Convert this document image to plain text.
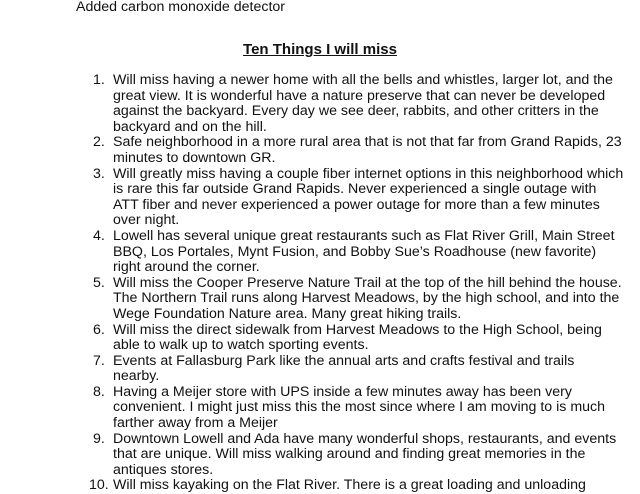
Added carbon monoxide detector
Ten Things I will miss
1. Will miss having a newer home with all the bells and whistles, larger lot, and the
great view. It is wonderful have a nature preserve that can never be developed
against the backyard. Every day we see deer, rabbits, and other critters in the
backyard and on the hill.
2. Safe neighborhood in a more rural area that is not that far from Grand Rapids, 23
minutes to downtown GR.
3. Will greatly miss having a couple fiber internet options in this neighborhood which
is rare this far outside Grand Rapids. Never experienced a single outage with
ATT fiber and never experienced a power outage for more than a few minutes
over night.
4. Lowell has several unique great restaurants such as Flat River Grill, Main Street
BBQ, Los Portales, Mynt Fusion, and Bobby Sue’s Roadhouse (new favorite)
right around the corner.
5. Will miss the Cooper Preserve Nature Trail at the top of the hill behind the house.
The Northern Trail runs along Harvest Meadows, by the high school, and into the
Wege Foundation Nature area. Many great hiking trails.
6. Will miss the direct sidewalk from Harvest Meadows to the High School, being
able to walk up to watch sporting events.
7. Events at Fallasburg Park like the annual arts and crafts festival and trails
nearby.
8. Having a Meijer store with UPS inside a few minutes away has been very
convenient. I might just miss this the most since where I am moving to is much
farther away from a Meijer
9. Downtown Lowell and Ada have many wonderful shops, restaurants, and events
that are unique. Will miss walking around and finding great memories in the
antiques stores.
10. Will miss kayaking on the Flat River. There is a great loading and unloading
